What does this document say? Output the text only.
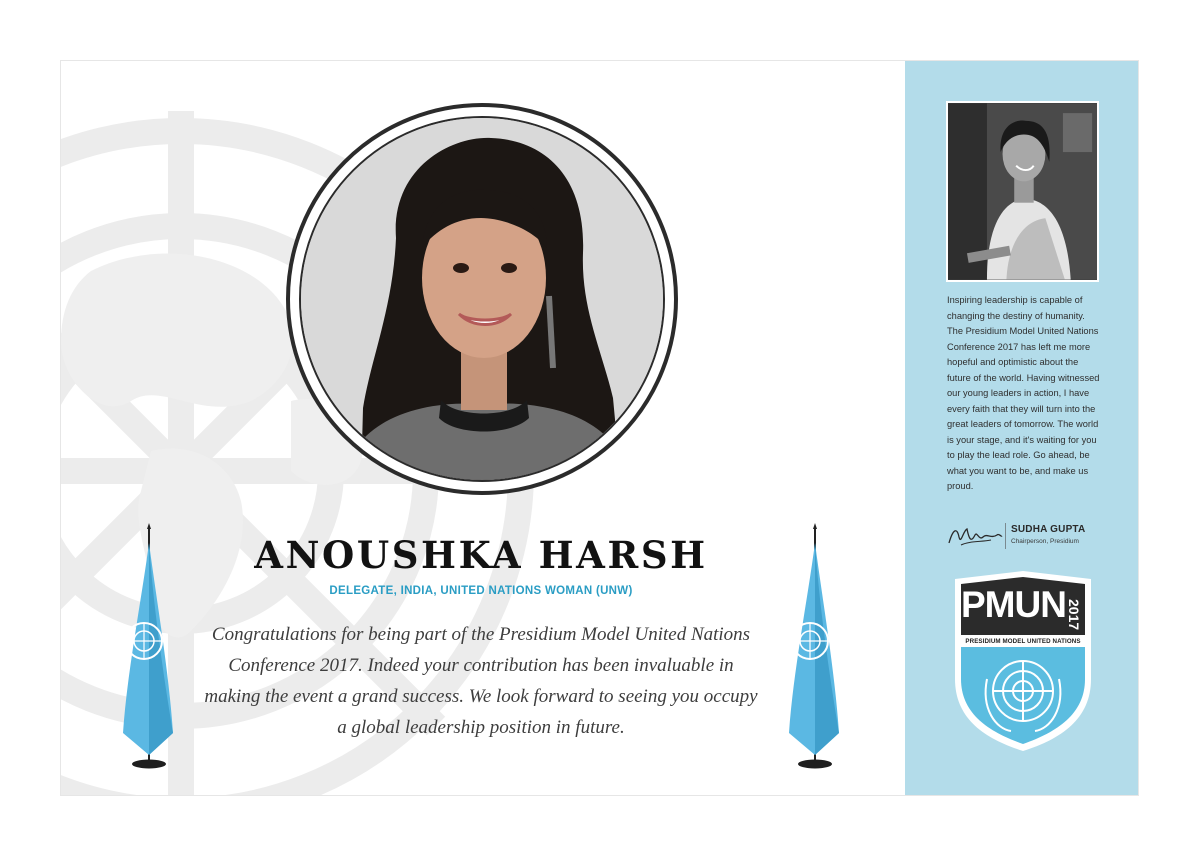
ANOUSHKA HARSH
DELEGATE, INDIA, UNITED NATIONS WOMAN (UNW)
Congratulations for being part of the Presidium Model United Nations Conference 2017. Indeed your contribution has been invaluable in making the event a grand success. We look forward to seeing you occupy a global leadership position in future.
Inspiring leadership is capable of changing the destiny of humanity. The Presidium Model United Nations Conference 2017 has left me more hopeful and optimistic about the future of the world. Having witnessed our young leaders in action, I have every faith that they will turn into the great leaders of tomorrow. The world is your stage, and it's waiting for you to play the lead role. Go ahead, be what you want to be, and make us proud.
SUDHA GUPTA
Chairperson, Presidium
PMUN 2017
PRESIDIUM MODEL UNITED NATIONS
